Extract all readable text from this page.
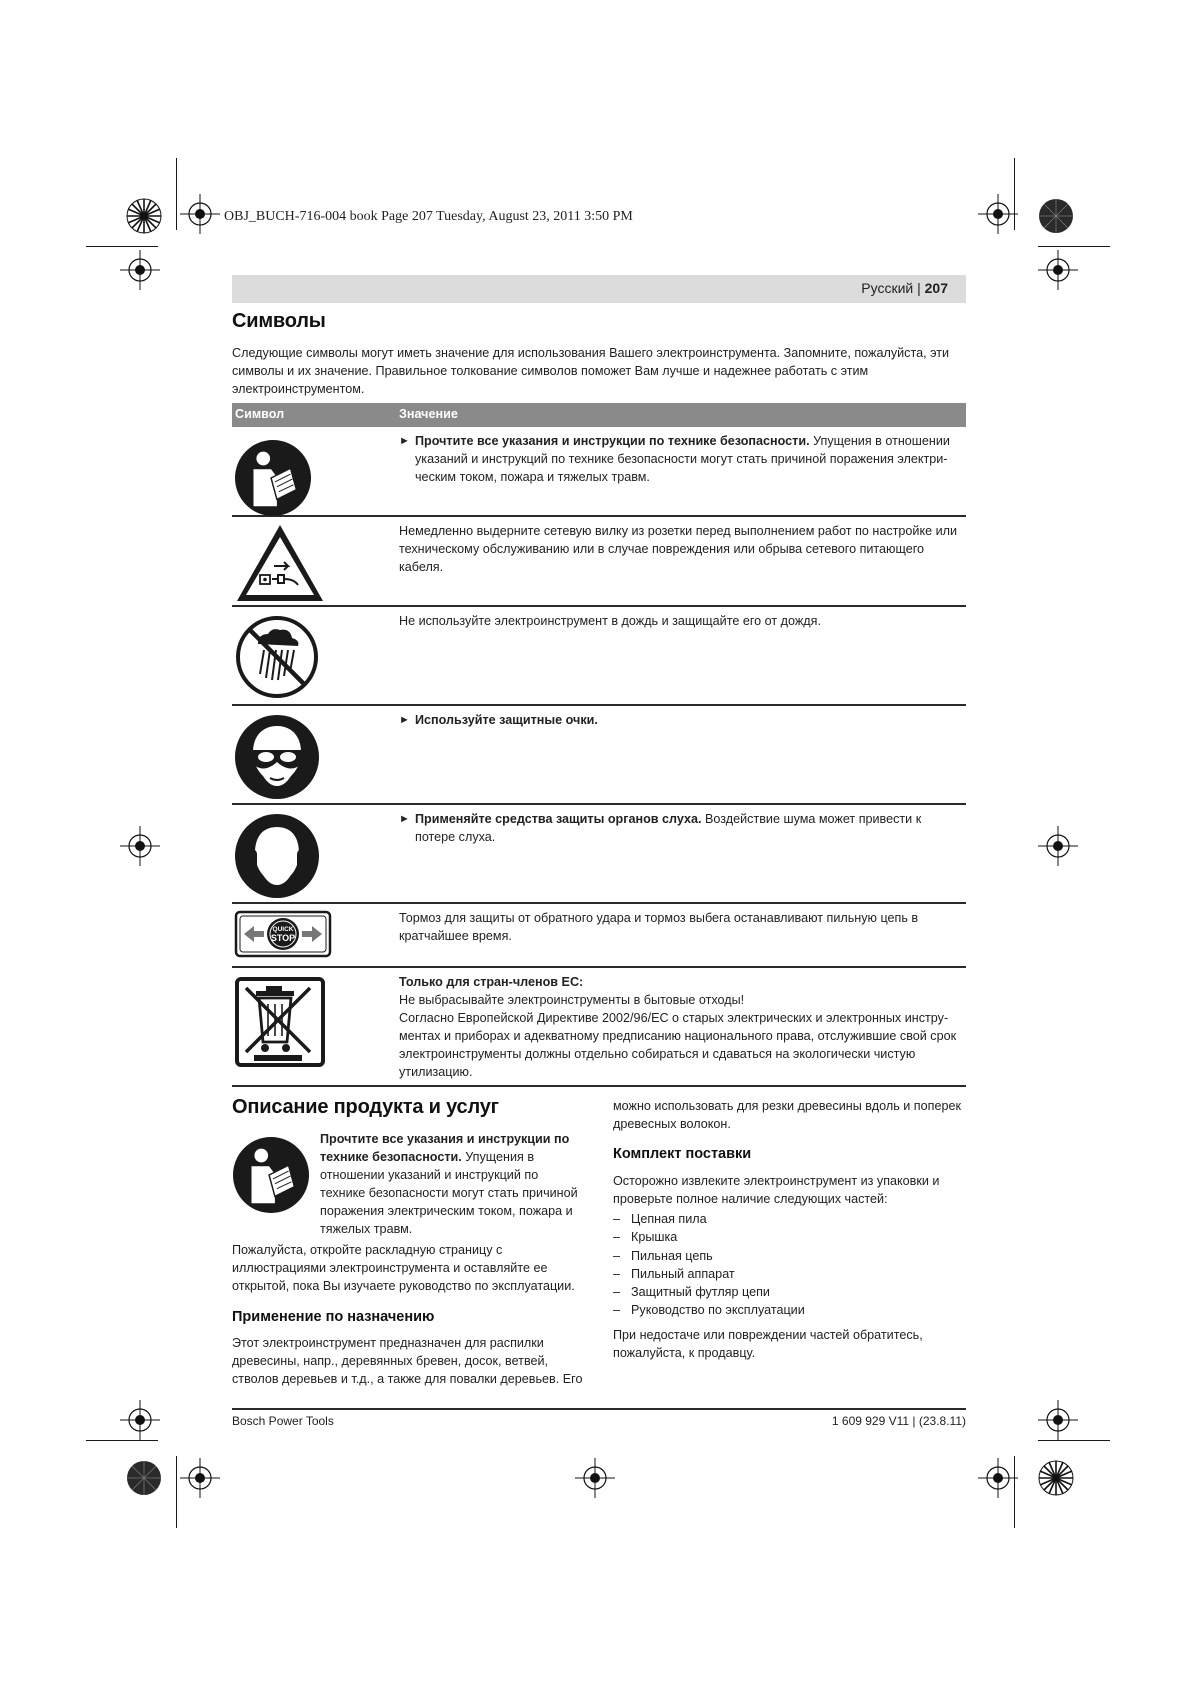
OBJ_BUCH-716-004 book Page 207 Tuesday, August 23, 2011 3:50 PM
Русский | 207
Символы
Следующие символы могут иметь значение для использования Вашего электроинструмента. Запомните, пожалуйста, эти
символы и их значение. Правильное толкование символов поможет Вам лучше и надежнее работать с этим
электроинструментом.
Символ	Значение
► Прочтите все указания и инструкции по технике безопасности. Упущения в отношении
указаний и инструкций по технике безопасности могут стать причиной поражения электри-
ческим током, пожара и тяжелых травм.
Немедленно выдерните сетевую вилку из розетки перед выполнением работ по настройке или
техническому обслуживанию или в случае повреждения или обрыва сетевого питающего
кабеля.
Не используйте электроинструмент в дождь и защищайте его от дождя.
► Используйте защитные очки.
► Применяйте средства защиты органов слуха. Воздействие шума может привести к
потере слуха.
QUICK
STOP
Тормоз для защиты от обратного удара и тормоз выбега останавливают пильную цепь в
кратчайшее время.
Только для стран-членов ЕС:
Не выбрасывайте электроинструменты в бытовые отходы!
Согласно Европейской Директиве 2002/96/EС о старых электрических и электронных инстру-
ментах и приборах и адекватному предписанию национального права, отслужившие свой срок
электроинструменты должны отдельно собираться и сдаваться на экологически чистую
утилизацию.
Описание продукта и услуг
Прочтите все указания и инструкции по
технике безопасности. Упущения в
отношении указаний и инструкций по
технике безопасности могут стать причиной
поражения электрическим током, пожара и
тяжелых травм.
Пожалуйста, откройте раскладную страницу с
иллюстрациями электроинструмента и оставляйте ее
открытой, пока Вы изучаете руководство по эксплуатации.
Применение по назначению
Этот электроинструмент предназначен для распилки
древесины, напр., деревянных бревен, досок, ветвей,
стволов деревьев и т.д., а также для повалки деревьев. Его
можно использовать для резки древесины вдоль и поперек
древесных волокон.
Комплект поставки
Осторожно извлеките электроинструмент из упаковки и
проверьте полное наличие следующих частей:
– Цепная пила
– Крышка
– Пильная цепь
– Пильный аппарат
– Защитный футляр цепи
– Руководство по эксплуатации
При недостаче или повреждении частей обратитесь,
пожалуйста, к продавцу.
Bosch Power Tools	1 609 929 V11 | (23.8.11)
